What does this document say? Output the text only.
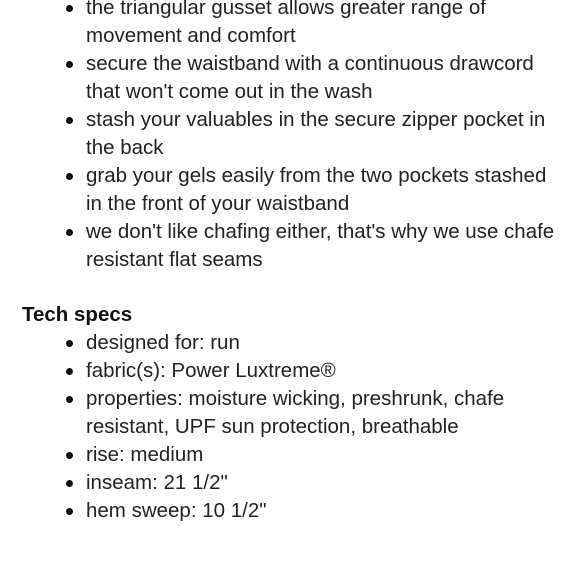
the triangular gusset allows greater range of movement and comfort
secure the waistband with a continuous drawcord that won't come out in the wash
stash your valuables in the secure zipper pocket in the back
grab your gels easily from the two pockets stashed in the front of your waistband
we don't like chafing either, that's why we use chafe resistant flat seams
Tech specs
designed for: run
fabric(s): Power Luxtreme®
properties: moisture wicking, preshrunk, chafe resistant, UPF sun protection, breathable
rise: medium
inseam: 21 1/2"
hem sweep: 10 1/2"
